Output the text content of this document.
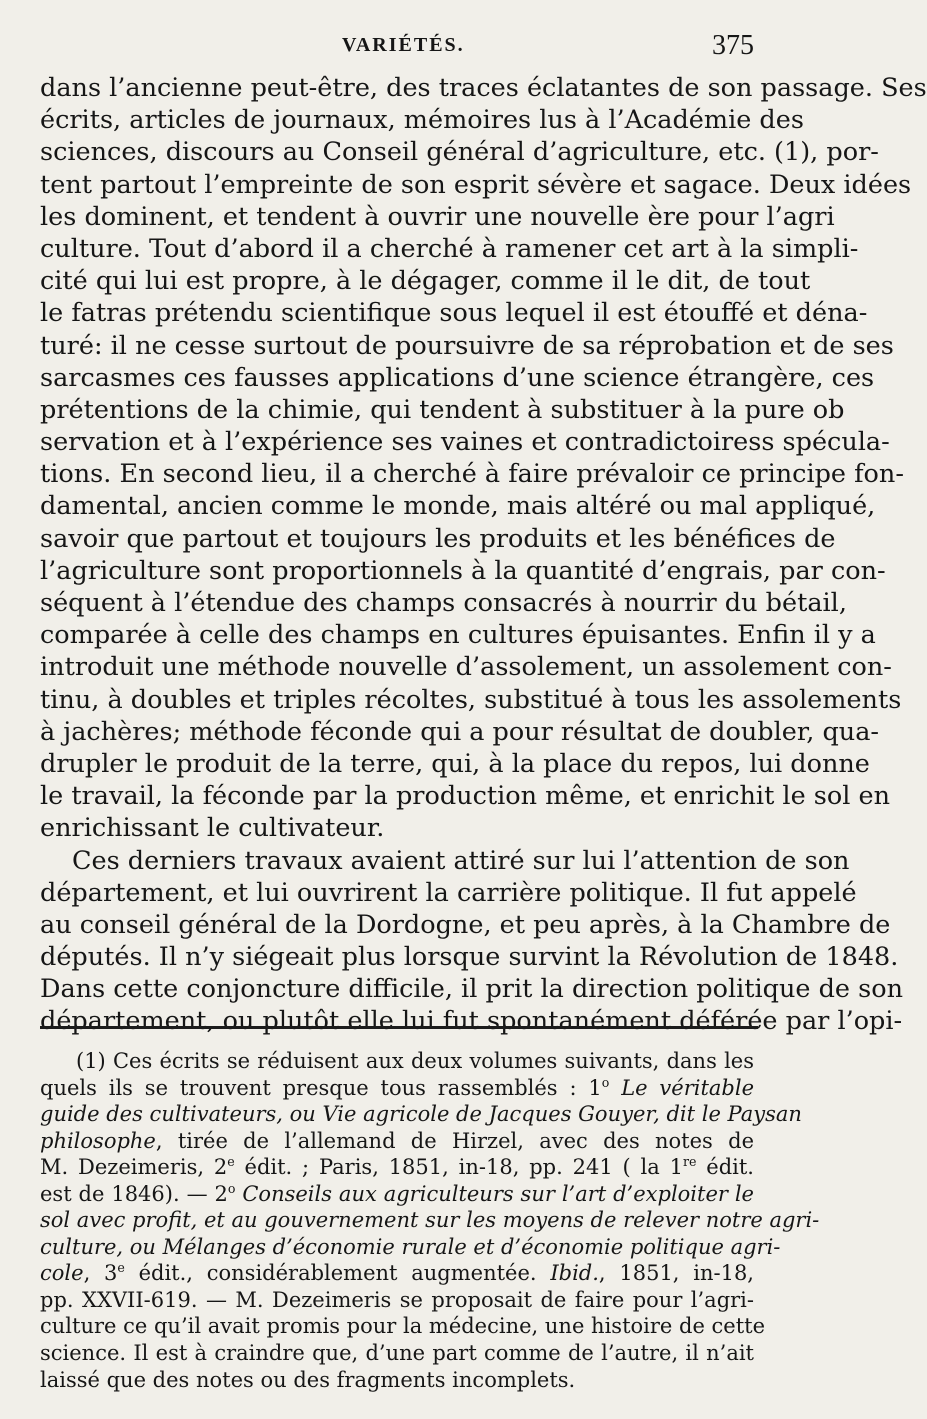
VARIÉTÉS.	375
dans l’ancienne peut-être, des traces éclatantes de son passage. Ses
écrits, articles de journaux, mémoires lus à l’Académie des
sciences, discours au Conseil général d’agriculture, etc. (1), por-
tent partout l’empreinte de son esprit sévère et sagace. Deux idées
les dominent, et tendent à ouvrir une nouvelle ère pour l’agri
culture. Tout d’abord il a cherché à ramener cet art à la simpli-
cité qui lui est propre, à le dégager, comme il le dit, de tout
le fatras prétendu scientifique sous lequel il est étouffé et déna-
turé: il ne cesse surtout de poursuivre de sa réprobation et de ses
sarcasmes ces fausses applications d’une science étrangère, ces
prétentions de la chimie, qui tendent à substituer à la pure ob
servation et à l’expérience ses vaines et contradictoiress spécula-
tions. En second lieu, il a cherché à faire prévaloir ce principe fon-
damental, ancien comme le monde, mais altéré ou mal appliqué,
savoir que partout et toujours les produits et les bénéfices de
l’agriculture sont proportionnels à la quantité d’engrais, par con-
séquent à l’étendue des champs consacrés à nourrir du bétail,
comparée à celle des champs en cultures épuisantes. Enfin il y a
introduit une méthode nouvelle d’assolement, un assolement con-
tinu, à doubles et triples récoltes, substitué à tous les assolements
à jachères; méthode féconde qui a pour résultat de doubler, qua-
drupler le produit de la terre, qui, à la place du repos, lui donne
le travail, la féconde par la production même, et enrichit le sol en
enrichissant le cultivateur.
Ces derniers travaux avaient attiré sur lui l’attention de son
département, et lui ouvrirent la carrière politique. Il fut appelé
au conseil général de la Dordogne, et peu après, à la Chambre de
députés. Il n’y siégeait plus lorsque survint la Révolution de 1848.
Dans cette conjoncture difficile, il prit la direction politique de son
département, ou plutôt elle lui fut spontanément déférée par l’opi-
(1) Ces écrits se réduisent aux deux volumes suivants, dans les
quels ils se trouvent presque tous rassemblés : 1$^o$ Le véritable
guide des cultivateurs, ou Vie agricole de Jacques Gouyer, dit le Paysan
philosophe, tirée de l’allemand de Hirzel, avec des notes de
M. Dezeimeris, 2e édit. ; Paris, 1851, in-18, pp. 241 ( la 1re édit.
est de 1846). — 2$^o$ Conseils aux agriculteurs sur l’art d’exploiter le
sol avec profit, et au gouvernement sur les moyens de relever notre agri-
culture, ou Mélanges d’économie rurale et d’économie politique agri-
cole, 3e édit., considérablement augmentée. Ibid., 1851, in-18,
pp. XXVII-619. — M. Dezeimeris se proposait de faire pour l’agri-
culture ce qu’il avait promis pour la médecine, une histoire de cette
science. Il est à craindre que, d’une part comme de l’autre, il n’ait
laissé que des notes ou des fragments incomplets.
